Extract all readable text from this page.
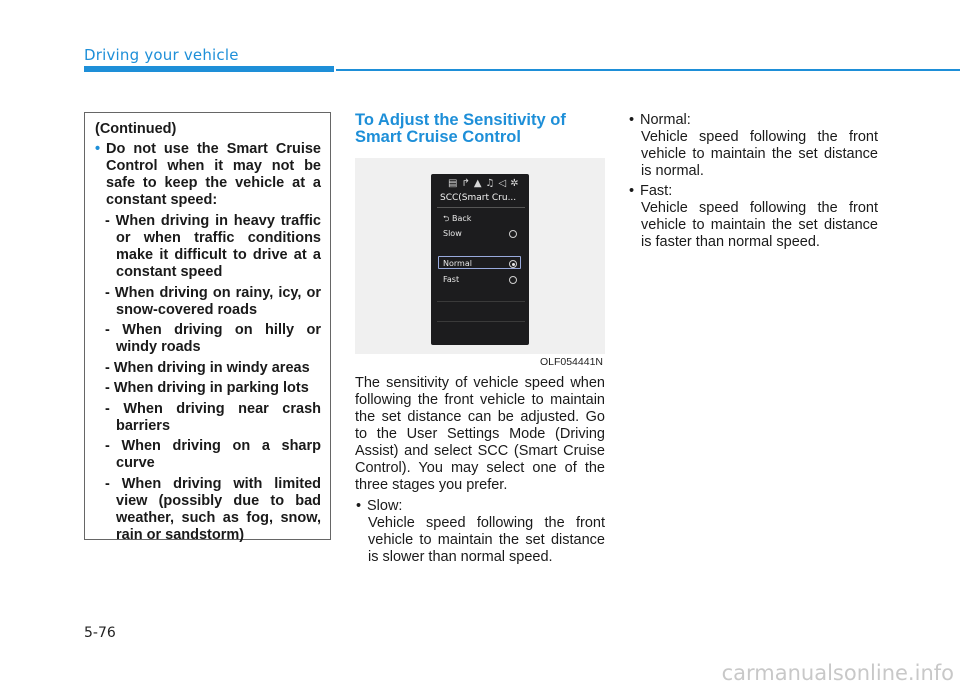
Driving your vehicle
(Continued)
• Do not use the Smart Cruise Control when it may not be safe to keep the vehicle at a constant speed:
- When driving in heavy traffic or when traffic conditions make it difficult to drive at a constant speed
- When driving on rainy, icy, or snow-covered roads
- When driving on hilly or windy roads
- When driving in windy areas
- When driving in parking lots
- When driving near crash barriers
- When driving on a sharp curve
- When driving with limited view (possibly due to bad weather, such as fog, snow, rain or sandstorm)
To Adjust the Sensitivity of Smart Cruise Control
▤ ↱ ▲ ♫ ◁ ✲
SCC(Smart Cru...
⮌ Back
Slow
Normal
Fast
OLF054441N
The sensitivity of vehicle speed when following the front vehicle to maintain the set distance can be adjusted. Go to the User Settings Mode (Driving Assist) and select SCC (Smart Cruise Control). You may select one of the three stages you prefer.
• Slow:
Vehicle speed following the front vehicle to maintain the set distance is slower than normal speed.
• Normal:
Vehicle speed following the front vehicle to maintain the set distance is normal.
• Fast:
Vehicle speed following the front vehicle to maintain the set distance is faster than normal speed.
5-76
carmanualsonline.info
